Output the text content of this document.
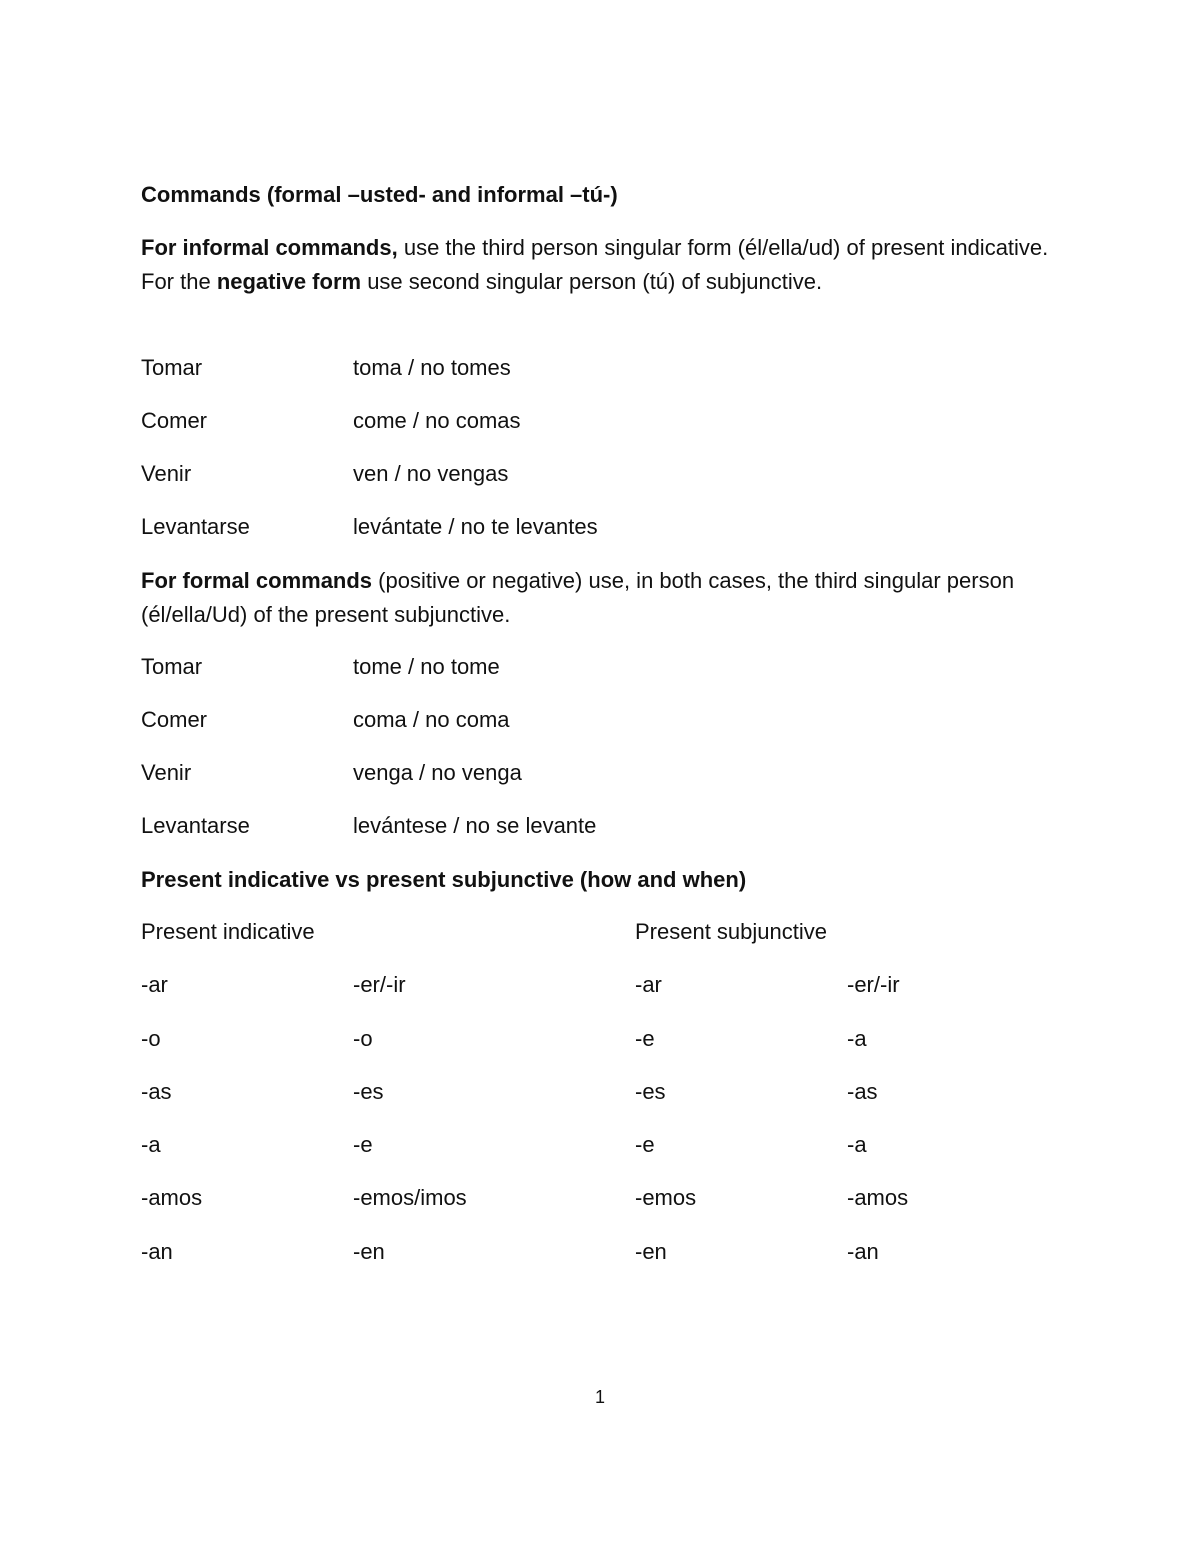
Commands (formal –usted- and informal –tú-)
For informal commands, use the third person singular form (él/ella/ud) of present indicative. For the negative form use second singular person (tú) of subjunctive.
Tomar	toma / no tomes
Comer	come / no comas
Venir	ven / no vengas
Levantarse	levántate / no te levantes
For formal commands (positive or negative) use, in both cases, the third singular person (él/ella/Ud) of the present subjunctive.
Tomar	tome / no tome
Comer	coma / no coma
Venir	venga / no venga
Levantarse	levántese / no se levante
Present indicative vs present subjunctive (how and when)
Present indicative	Present subjunctive
-ar	-er/-ir	-ar	-er/-ir
-o	-o	-e	-a
-as	-es	-es	-as
-a	-e	-e	-a
-amos	-emos/imos	-emos	-amos
-an	-en	-en	-an
1
